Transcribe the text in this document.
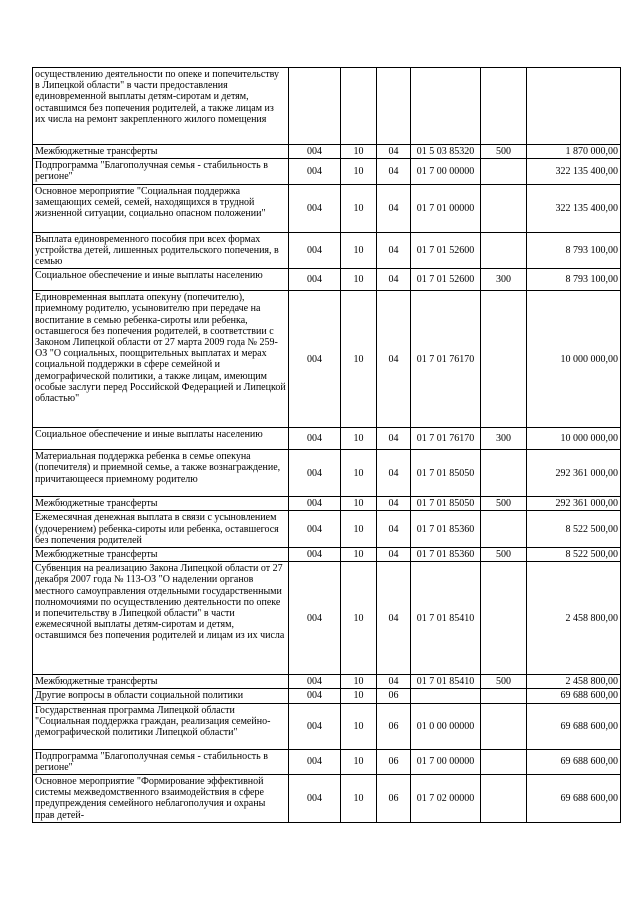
осуществлению деятельности по опеке и попечительству в Липецкой области" в части предоставления единовременной выплаты детям-сиротам и детям, оставшимся без попечения родителей, а также лицам из их числа на ремонт закрепленного жилого помещения						
Межбюджетные трансферты	004	10	04	01 5 03 85320	500	1 870 000,00
Подпрограмма "Благополучная семья - стабильность в регионе"	004	10	04	01 7 00 00000		322 135 400,00
Основное мероприятие "Социальная поддержка замещающих семей, семей, находящихся в трудной жизненной ситуации, социально опасном положении"	004	10	04	01 7 01 00000		322 135 400,00
Выплата единовременного пособия при всех формах устройства детей, лишенных родительского попечения, в семью	004	10	04	01 7 01 52600		8 793 100,00
Социальное обеспечение и иные выплаты населению	004	10	04	01 7 01 52600	300	8 793 100,00
Единовременная выплата опекуну (попечителю), приемному родителю, усыновителю при передаче на воспитание в семью ребенка-сироты или ребенка, оставшегося без попечения родителей, в соответствии с Законом Липецкой области от 27 марта 2009 года № 259-ОЗ "О социальных, поощрительных выплатах и мерах социальной поддержки в сфере семейной и демографической политики, а также лицам, имеющим особые заслуги перед Российской Федерацией и Липецкой областью"	004	10	04	01 7 01 76170		10 000 000,00
Социальное обеспечение и иные выплаты населению	004	10	04	01 7 01 76170	300	10 000 000,00
Материальная поддержка ребенка в семье опекуна (попечителя) и приемной семье, а также вознаграждение, причитающееся приемному родителю	004	10	04	01 7 01 85050		292 361 000,00
Межбюджетные трансферты	004	10	04	01 7 01 85050	500	292 361 000,00
Ежемесячная денежная выплата в связи с усыновлением (удочерением) ребенка-сироты или ребенка, оставшегося без попечения родителей	004	10	04	01 7 01 85360		8 522 500,00
Межбюджетные трансферты	004	10	04	01 7 01 85360	500	8 522 500,00
Субвенция на реализацию Закона Липецкой области от 27 декабря 2007 года № 113-ОЗ "О наделении органов местного самоуправления отдельными государственными полномочиями по осуществлению деятельности по опеке и попечительству в Липецкой области" в части ежемесячной выплаты детям-сиротам и детям, оставшимся без попечения родителей и лицам из их числа	004	10	04	01 7 01 85410		2 458 800,00
Межбюджетные трансферты	004	10	04	01 7 01 85410	500	2 458 800,00
Другие вопросы в области социальной политики	004	10	06			69 688 600,00
Государственная программа Липецкой области "Социальная поддержка граждан, реализация семейно-демографической политики Липецкой области"	004	10	06	01 0 00 00000		69 688 600,00
Подпрограмма "Благополучная семья - стабильность в регионе"	004	10	06	01 7 00 00000		69 688 600,00
Основное мероприятие "Формирование эффективной системы межведомственного взаимодействия в сфере предупреждения семейного неблагополучия и охраны прав детей-	004	10	06	01 7 02 00000		69 688 600,00
